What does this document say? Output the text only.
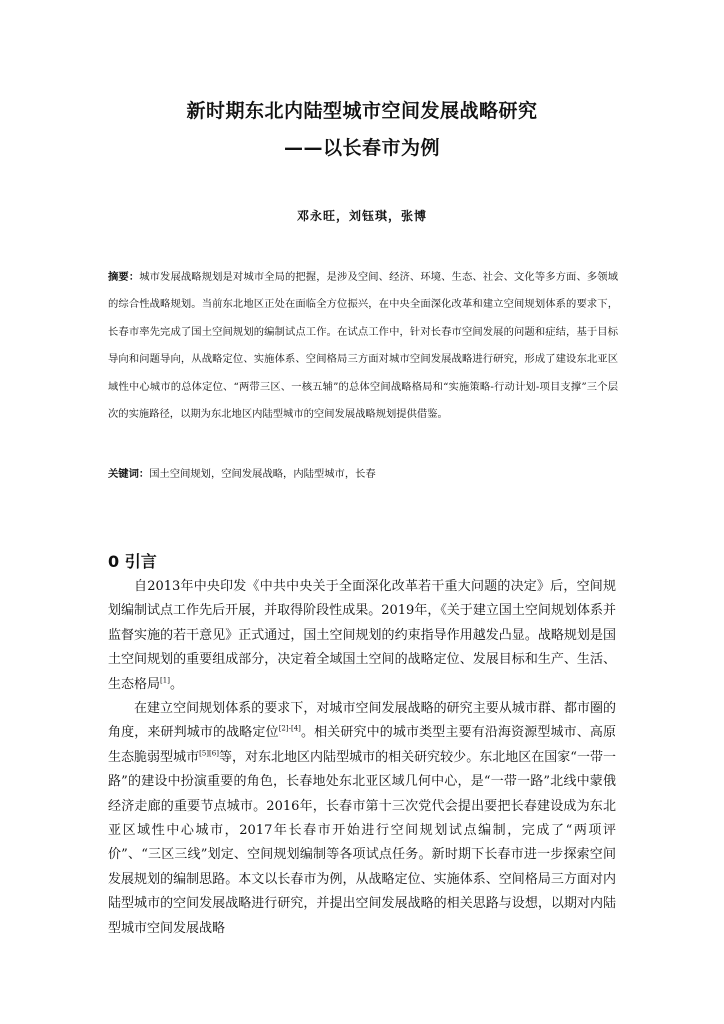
新时期东北内陆型城市空间发展战略研究
——以长春市为例
邓永旺，刘钰琪，张博

摘要：城市发展战略规划是对城市全局的把握，是涉及空间、经济、环境、生态、社会、文化等多方面、多领域的综合性战略规划。当前东北地区正处在面临全方位振兴，在中央全面深化改革和建立空间规划体系的要求下，长春市率先完成了国土空间规划的编制试点工作。在试点工作中，针对长春市空间发展的问题和症结，基于目标导向和问题导向，从战略定位、实施体系、空间格局三方面对城市空间发展战略进行研究，形成了建设东北亚区域性中心城市的总体定位、“两带三区、一核五辅”的总体空间战略格局和“实施策略-行动计划-项目支撑”三个层次的实施路径，以期为东北地区内陆型城市的空间发展战略规划提供借鉴。

关键词：国土空间规划，空间发展战略，内陆型城市，长春

0 引言

自2013年中央印发《中共中央关于全面深化改革若干重大问题的决定》后，空间规划编制试点工作先后开展，并取得阶段性成果。2019年，《关于建立国土空间规划体系并监督实施的若干意见》正式通过，国土空间规划的约束指导作用越发凸显。战略规划是国土空间规划的重要组成部分，决定着全域国土空间的战略定位、发展目标和生产、生活、生态格局[1]。

在建立空间规划体系的要求下，对城市空间发展战略的研究主要从城市群、都市圈的角度，来研判城市的战略定位[2]-[4]。相关研究中的城市类型主要有沿海资源型城市、高原生态脆弱型城市[5][6]等，对东北地区内陆型城市的相关研究较少。东北地区在国家“一带一路”的建设中扮演重要的角色，长春地处东北亚区域几何中心，是“一带一路”北线中蒙俄经济走廊的重要节点城市。2016年，长春市第十三次党代会提出要把长春建设成为东北亚区域性中心城市，2017年长春市开始进行空间规划试点编制，完成了“两项评价”、“三区三线”划定、空间规划编制等各项试点任务。新时期下长春市进一步探索空间发展规划的编制思路。本文以长春市为例，从战略定位、实施体系、空间格局三方面对内陆型城市的空间发展战略进行研究，并提出空间发展战略的相关思路与设想，以期对内陆型城市空间发展战略
